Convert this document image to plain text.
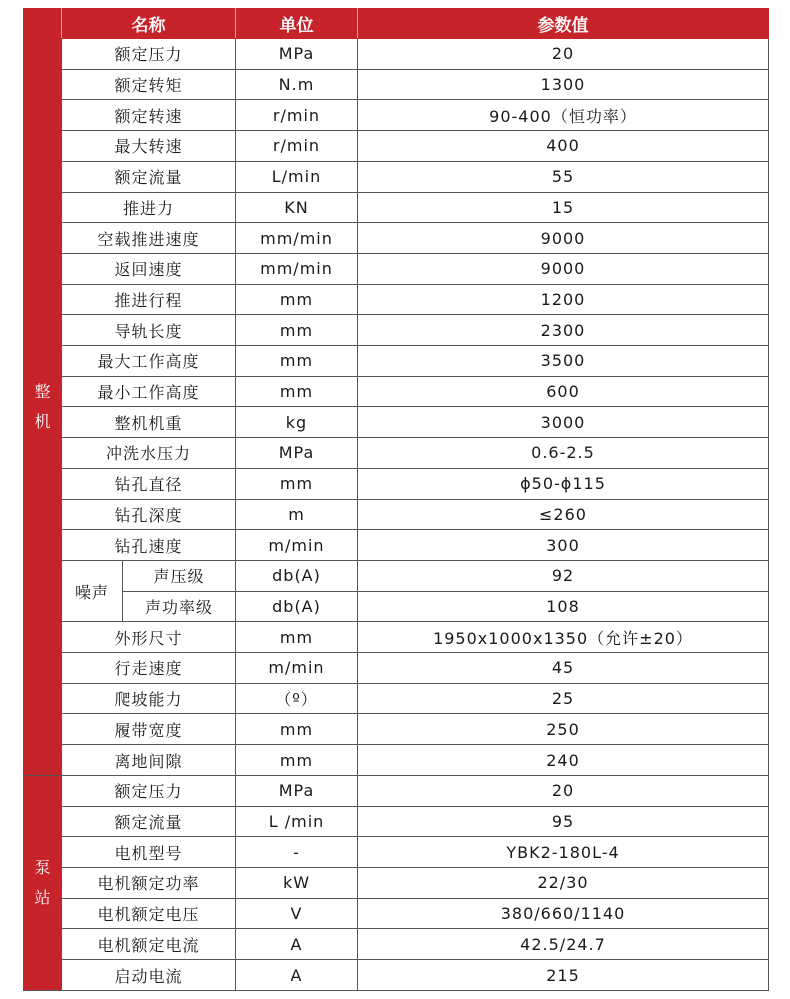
	名称		单位	参数值

整
机	额定压力		MPa	20
	额定转矩		N.m	1300
	额定转速		r/min	90-400（恒功率）
	最大转速		r/min	400
	额定流量		L/min	55
	推进力		KN	15
	空载推进速度		mm/min	9000
	返回速度		mm/min	9000
	推进行程		mm	1200
	导轨长度		mm	2300
	最大工作高度		mm	3500
	最小工作高度		mm	600
	整机机重		kg	3000
	冲洗水压力		MPa	0.6-2.5
	钻孔直径		mm	ϕ50-ϕ115
	钻孔深度		m	≤260
	钻孔速度		m/min	300
	噪声	声压级	db(A)	92
		声功率级	db(A)	108
	外形尺寸		mm	1950x1000x1350（允许±20）
	行走速度		m/min	45
	爬坡能力		（º）	25
	履带宽度		mm	250
	离地间隙		mm	240

泵
站	额定压力		MPa	20
	额定流量		L /min	95
	电机型号		-	YBK2-180L-4
	电机额定功率		kW	22/30
	电机额定电压		V	380/660/1140
	电机额定电流		A	42.5/24.7
	启动电流		A	215
